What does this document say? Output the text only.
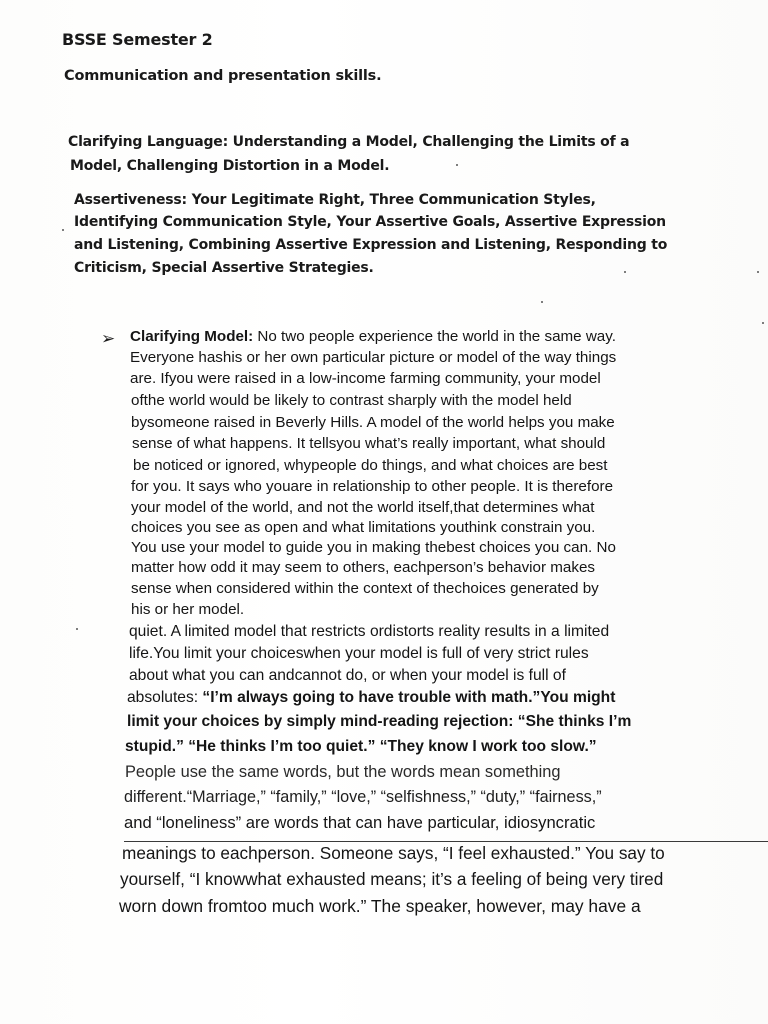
BSSE Semester 2
Communication and presentation skills.
Clarifying Language: Understanding a Model, Challenging the Limits of a
Model, Challenging Distortion in a Model.
Assertiveness: Your Legitimate Right, Three Communication Styles,
Identifying Communication Style, Your Assertive Goals, Assertive Expression
and Listening, Combining Assertive Expression and Listening, Responding to
Criticism, Special Assertive Strategies.
➢ Clarifying Model: No two people experience the world in the same way.
Everyone hashis or her own particular picture or model of the way things
are. Ifyou were raised in a low-income farming community, your model
ofthe world would be likely to contrast sharply with the model held
bysomeone raised in Beverly Hills. A model of the world helps you make
sense of what happens. It tellsyou what’s really important, what should
be noticed or ignored, whypeople do things, and what choices are best
for you. It says who youare in relationship to other people. It is therefore
your model of the world, and not the world itself,that determines what
choices you see as open and what limitations youthink constrain you.
You use your model to guide you in making thebest choices you can. No
matter how odd it may seem to others, eachperson’s behavior makes
sense when considered within the context of thechoices generated by
his or her model.
quiet. A limited model that restricts ordistorts reality results in a limited
life.You limit your choiceswhen your model is full of very strict rules
about what you can andcannot do, or when your model is full of
absolutes: “I’m always going to have trouble with math.”You might
limit your choices by simply mind-reading rejection: “She thinks I’m
stupid.” “He thinks I’m too quiet.” “They know I work too slow.”
People use the same words, but the words mean something
different.“Marriage,” “family,” “love,” “selfishness,” “duty,” “fairness,”
and “loneliness” are words that can have particular, idiosyncratic
meanings to eachperson. Someone says, “I feel exhausted.” You say to
yourself, “I knowwhat exhausted means; it’s a feeling of being very tired
worn down fromtoo much work.” The speaker, however, may have a
